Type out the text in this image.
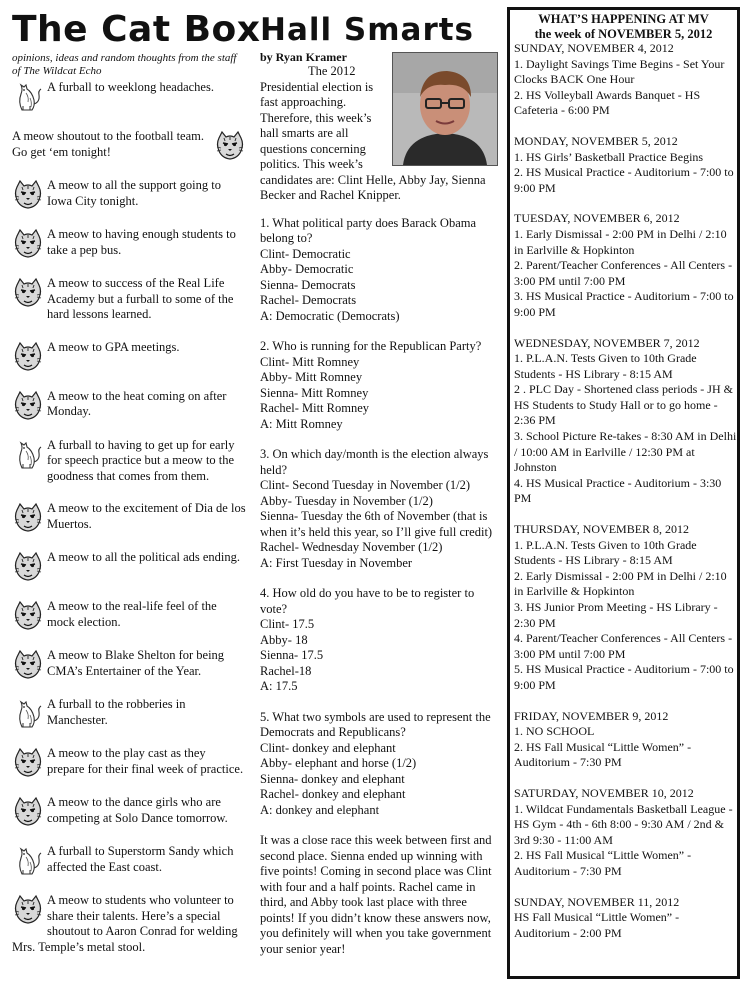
The Cat Box
opinions, ideas and random thoughts from the staff of The Wildcat Echo
A furball to weeklong headaches.
A meow shoutout to the football team. Go get ‘em tonight!
A meow to all the support going to Iowa City tonight.
A meow to having enough students to take a pep bus.
A meow to success of the Real Life Academy but a furball to some of the hard lessons learned.
A meow to GPA meetings.
A meow to the heat coming on after Monday.
A furball to having to get up for early for speech practice but a meow to the goodness that comes from them.
A meow to the excitement of Dia de los Muertos.
A meow to all the political ads ending.
A meow to the real-life feel of the mock election.
A meow to Blake Shelton for being CMA’s Entertainer of the Year.
A furball to the robberies in Manchester.
A meow to the play cast as they prepare for their final week of practice.
A meow to the dance girls who are competing at Solo Dance tomorrow.
A furball to Superstorm Sandy which affected the East coast.
A meow to students who volunteer to share their talents. Here’s a special shoutout to Aaron Conrad for welding Mrs. Temple’s metal stool.
Hall Smarts
by Ryan Kramer

The 2012 Presidential election is fast approaching. Therefore, this week’s hall smarts are all questions concerning politics. This week’s candidates are: Clint Helle, Abby Jay, Sienna Becker and Rachel Knipper.

1. What political party does Barack Obama belong to?
Clint- Democratic
Abby- Democratic
Sienna- Democrats
Rachel- Democrats
A: Democratic (Democrats)
2. Who is running for the Republican Party?
Clint- Mitt Romney
Abby- Mitt Romney
Sienna- Mitt Romney
Rachel- Mitt Romney
A: Mitt Romney
3. On which day/month is the election always held?
Clint- Second Tuesday in November (1/2)
Abby- Tuesday in November (1/2)
Sienna- Tuesday the 6th of November (that is when it’s held this year, so I’ll give full credit)
Rachel- Wednesday November (1/2)
A: First Tuesday in November
4. How old do you have to be to register to vote?
Clint- 17.5
Abby- 18
Sienna- 17.5
Rachel-18
A: 17.5
5. What two symbols are used to represent the Democrats and Republicans?
Clint- donkey and elephant
Abby- elephant and horse (1/2)
Sienna- donkey and elephant
Rachel- donkey and elephant
A: donkey and elephant

It was a close race this week between first and second place. Sienna ended up winning with five points! Coming in second place was Clint with four and a half points. Rachel came in third, and Abby took last place with three points! If you didn’t know these answers now, you definitely will when you take government your senior year!

WHAT’S HAPPENING AT MV
the week of NOVEMBER 5, 2012
SUNDAY, NOVEMBER 4, 2012
1. Daylight Savings Time Begins - Set Your Clocks BACK One Hour
2. HS Volleyball Awards Banquet - HS Cafeteria - 6:00 PM
MONDAY, NOVEMBER 5, 2012
1. HS Girls’ Basketball Practice Begins
2. HS Musical Practice - Auditorium - 7:00 to 9:00 PM
TUESDAY, NOVEMBER 6, 2012
1. Early Dismissal - 2:00 PM in Delhi / 2:10 in Earlville & Hopkinton
2. Parent/Teacher Conferences - All Centers - 3:00 PM until 7:00 PM
3. HS Musical Practice - Auditorium - 7:00 to 9:00 PM
WEDNESDAY, NOVEMBER 7, 2012
1. P.L.A.N. Tests Given to 10th Grade Students - HS Library - 8:15 AM
2 . PLC Day - Shortened class periods - JH & HS Students to Study Hall or to go home - 2:36 PM
3. School Picture Re-takes - 8:30 AM in Delhi / 10:00 AM in Earlville / 12:30 PM at Johnston
4. HS Musical Practice - Auditorium - 3:30 PM
THURSDAY, NOVEMBER 8, 2012
1. P.L.A.N. Tests Given to 10th Grade Students - HS Library - 8:15 AM
2. Early Dismissal - 2:00 PM in Delhi / 2:10 in Earlville & Hopkinton
3. HS Junior Prom Meeting - HS Library - 2:30 PM
4. Parent/Teacher Conferences - All Centers - 3:00 PM until 7:00 PM
5. HS Musical Practice - Auditorium - 7:00 to 9:00 PM
FRIDAY, NOVEMBER 9, 2012
1. NO SCHOOL
2. HS Fall Musical “Little Women” - Auditorium - 7:30 PM
SATURDAY, NOVEMBER 10, 2012
1. Wildcat Fundamentals Basketball League - HS Gym - 4th - 6th 8:00 - 9:30 AM / 2nd & 3rd 9:30 - 11:00 AM
2. HS Fall Musical “Little Women” - Auditorium - 7:30 PM
SUNDAY, NOVEMBER 11, 2012
HS Fall Musical “Little Women” - Auditorium - 2:00 PM
